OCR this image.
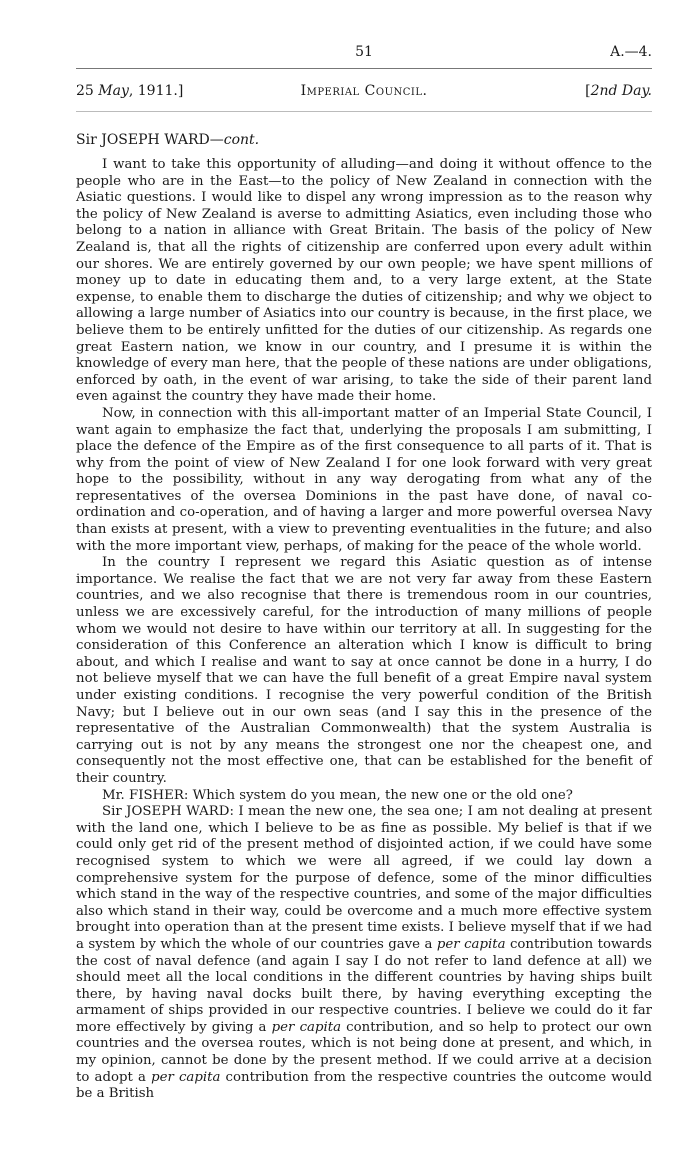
51	A.—4.
25 May, 1911.]	Imperial Council.	[2nd Day.
Sir JOSEPH WARD—cont.

I want to take this opportunity of alluding—and doing it without offence to the people who are in the East—to the policy of New Zealand in connection with the Asiatic questions. I would like to dispel any wrong impression as to the reason why the policy of New Zealand is averse to admitting Asiatics, even including those who belong to a nation in alliance with Great Britain. The basis of the policy of New Zealand is, that all the rights of citizenship are conferred upon every adult within our shores. We are entirely governed by our own people; we have spent millions of money up to date in educating them and, to a very large extent, at the State expense, to enable them to discharge the duties of citizenship; and why we object to allowing a large number of Asiatics into our country is because, in the first place, we believe them to be entirely unfitted for the duties of our citizenship. As regards one great Eastern nation, we know in our country, and I presume it is within the knowledge of every man here, that the people of these nations are under obligations, enforced by oath, in the event of war arising, to take the side of their parent land even against the country they have made their home.

Now, in connection with this all-important matter of an Imperial State Council, I want again to emphasize the fact that, underlying the proposals I am submitting, I place the defence of the Empire as of the first consequence to all parts of it. That is why from the point of view of New Zealand I for one look forward with very great hope to the possibility, without in any way derogating from what any of the representatives of the oversea Dominions in the past have done, of naval co-ordination and co-operation, and of having a larger and more powerful oversea Navy than exists at present, with a view to preventing eventualities in the future; and also with the more important view, perhaps, of making for the peace of the whole world.

In the country I represent we regard this Asiatic question as of intense importance. We realise the fact that we are not very far away from these Eastern countries, and we also recognise that there is tremendous room in our countries, unless we are excessively careful, for the introduction of many millions of people whom we would not desire to have within our territory at all. In suggesting for the consideration of this Conference an alteration which I know is difficult to bring about, and which I realise and want to say at once cannot be done in a hurry, I do not believe myself that we can have the full benefit of a great Empire naval system under existing conditions. I recognise the very powerful condition of the British Navy; but I believe out in our own seas (and I say this in the presence of the representative of the Australian Commonwealth) that the system Australia is carrying out is not by any means the strongest one nor the cheapest one, and consequently not the most effective one, that can be established for the benefit of their country.

Mr. FISHER: Which system do you mean, the new one or the old one?

Sir JOSEPH WARD: I mean the new one, the sea one; I am not dealing at present with the land one, which I believe to be as fine as possible. My belief is that if we could only get rid of the present method of disjointed action, if we could have some recognised system to which we were all agreed, if we could lay down a comprehensive system for the purpose of defence, some of the minor difficulties which stand in the way of the respective countries, and some of the major difficulties also which stand in their way, could be overcome and a much more effective system brought into operation than at the present time exists. I believe myself that if we had a system by which the whole of our countries gave a per capita contribution towards the cost of naval defence (and again I say I do not refer to land defence at all) we should meet all the local conditions in the different countries by having ships built there, by having naval docks built there, by having everything excepting the armament of ships provided in our respective countries. I believe we could do it far more effectively by giving a per capita contribution, and so help to protect our own countries and the oversea routes, which is not being done at present, and which, in my opinion, cannot be done by the present method. If we could arrive at a decision to adopt a per capita contribution from the respective countries the outcome would be a British
